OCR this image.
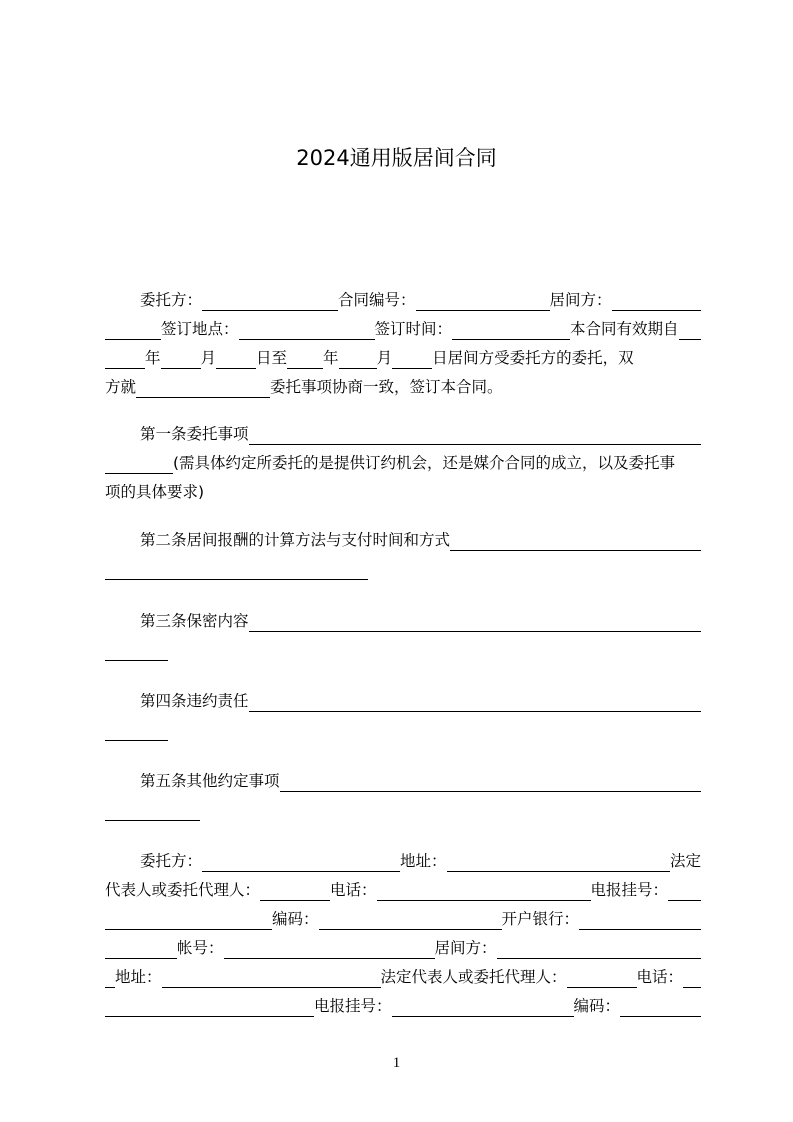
2024通用版居间合同
委托方：	合同编号：	居间方：
签订地点：	签订时间：	本合同有效期自
年	月	日至 年 月	日居间方受委托方的委托，双
方就	委托事项协商一致，签订本合同。
第一条委托事项
(需具体约定所委托的是提供订约机会，还是媒介合同的成立，以及委托事
项的具体要求)
第二条居间报酬的计算方法与支付时间和方式
第三条保密内容
第四条违约责任
第五条其他约定事项
委托方：	地址：	法定
代表人或委托代理人：	电话：	电报挂号：
编码：	开户银行：
帐号：	居间方：
地址：	法定代表人或委托代理人：	电话：
电报挂号：	编码：
1
